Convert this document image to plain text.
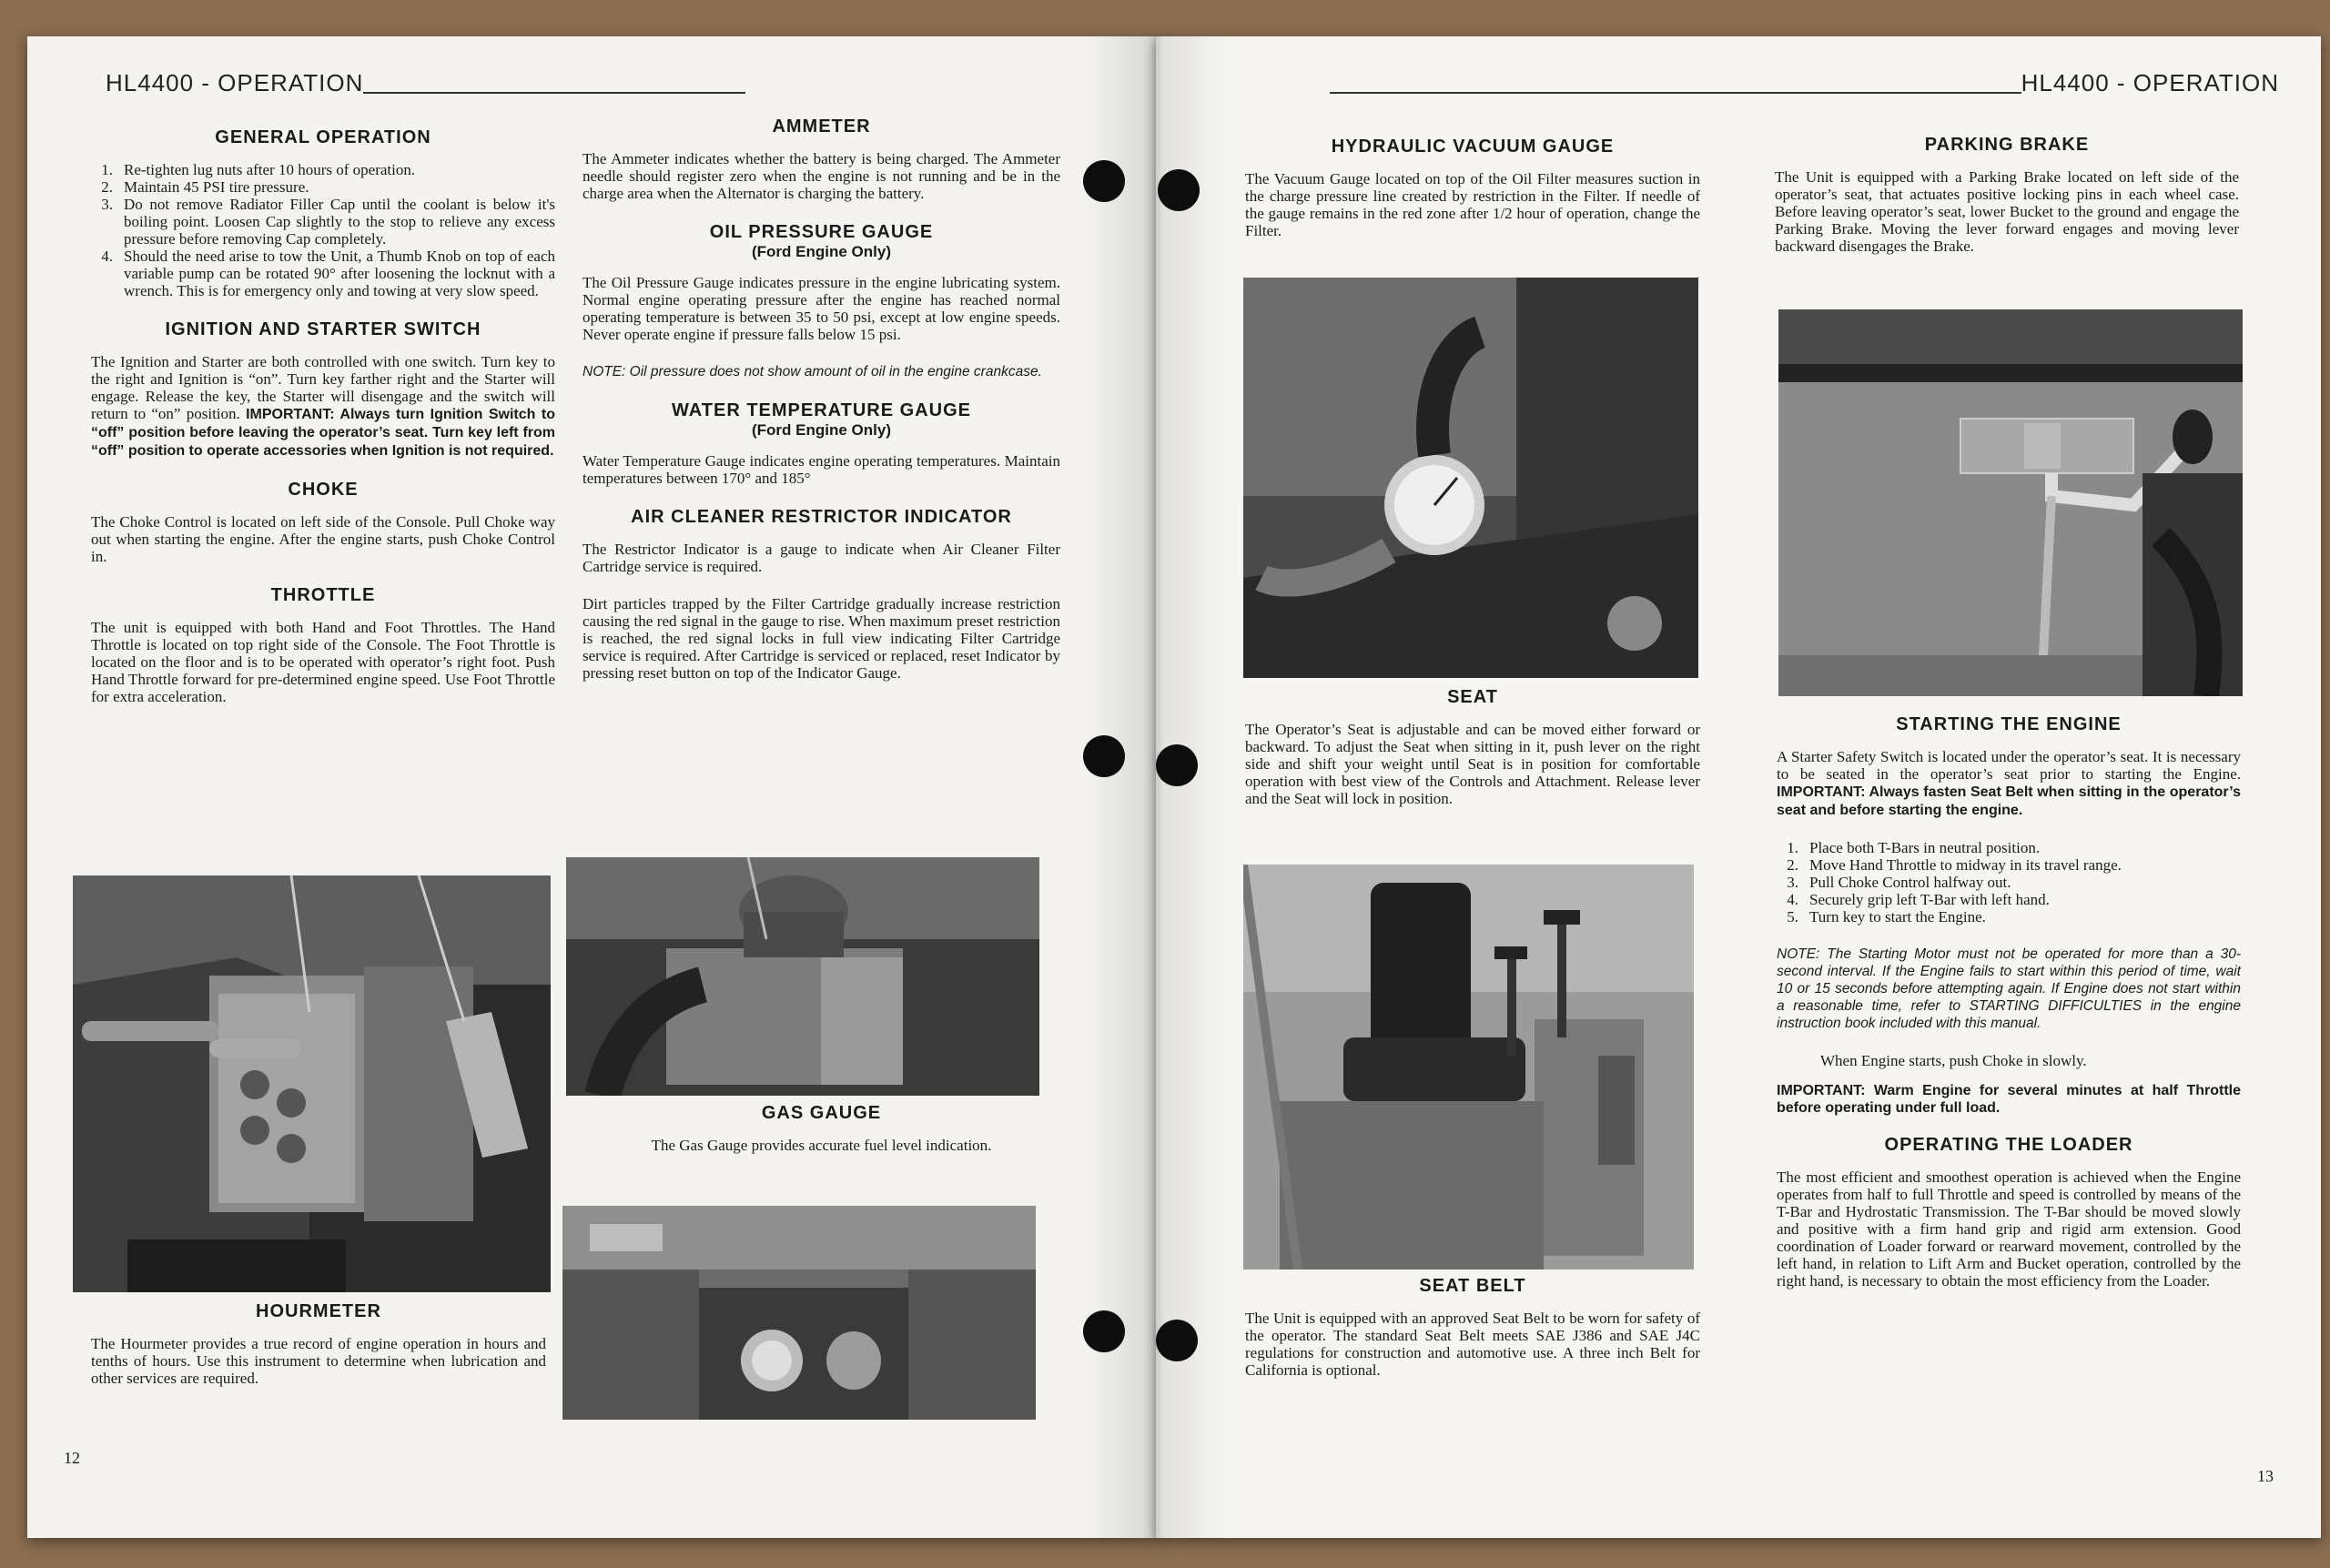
HL4400 - OPERATION
GENERAL OPERATION
1. Re-tighten lug nuts after 10 hours of operation.
2. Maintain 45 PSI tire pressure.
3. Do not remove Radiator Filler Cap until the coolant is below it's boiling point. Loosen Cap slightly to the stop to relieve any excess pressure before removing Cap completely.
4. Should the need arise to tow the Unit, a Thumb Knob on top of each variable pump can be rotated 90° after loosening the locknut with a wrench. This is for emergency only and towing at very slow speed.
IGNITION AND STARTER SWITCH

The Ignition and Starter are both controlled with one switch. Turn key to the right and Ignition is “on”. Turn key farther right and the Starter will engage. Release the key, the Starter will disengage and the switch will return to “on” position. IMPORTANT: Always turn Ignition Switch to “off” position before leaving the operator’s seat. Turn key left from “off” position to operate accessories when Ignition is not required.

CHOKE

The Choke Control is located on left side of the Console. Pull Choke way out when starting the engine. After the engine starts, push Choke Control in.

THROTTLE

The unit is equipped with both Hand and Foot Throttles. The Hand Throttle is located on top right side of the Console. The Foot Throttle is located on the floor and is to be operated with operator’s right foot. Push Hand Throttle forward for pre-determined engine speed. Use Foot Throttle for extra acceleration.

HOURMETER

The Hourmeter provides a true record of engine operation in hours and tenths of hours. Use this instrument to determine when lubrication and other services are required.

AMMETER

The Ammeter indicates whether the battery is being charged. The Ammeter needle should register zero when the engine is not running and be in the charge area when the Alternator is charging the battery.

OIL PRESSURE GAUGE
(Ford Engine Only)

The Oil Pressure Gauge indicates pressure in the engine lubricating system. Normal engine operating pressure after the engine has reached normal operating temperature is between 35 to 50 psi, except at low engine speeds. Never operate engine if pressure falls below 15 psi.

NOTE: Oil pressure does not show amount of oil in the engine crankcase.
WATER TEMPERATURE GAUGE
(Ford Engine Only)

Water Temperature Gauge indicates engine operating temperatures. Maintain temperatures between 170° and 185°

AIR CLEANER RESTRICTOR INDICATOR

The Restrictor Indicator is a gauge to indicate when Air Cleaner Filter Cartridge service is required.

Dirt particles trapped by the Filter Cartridge gradually increase restriction causing the red signal in the gauge to rise. When maximum preset restriction is reached, the red signal locks in full view indicating Filter Cartridge service is required. After Cartridge is serviced or replaced, reset Indicator by pressing reset button on top of the Indicator Gauge.

GAS GAUGE

The Gas Gauge provides accurate fuel level indication.

12
HL4400 - OPERATION
HYDRAULIC VACUUM GAUGE

The Vacuum Gauge located on top of the Oil Filter measures suction in the charge pressure line created by restriction in the Filter. If needle of the gauge remains in the red zone after 1/2 hour of operation, change the Filter.

SEAT

The Operator’s Seat is adjustable and can be moved either forward or backward. To adjust the Seat when sitting in it, push lever on the right side and shift your weight until Seat is in position for comfortable operation with best view of the Controls and Attachment. Release lever and the Seat will lock in position.

SEAT BELT

The Unit is equipped with an approved Seat Belt to be worn for safety of the operator. The standard Seat Belt meets SAE J386 and SAE J4C regulations for construction and automotive use. A three inch Belt for California is optional.

PARKING BRAKE

The Unit is equipped with a Parking Brake located on left side of the operator’s seat, that actuates positive locking pins in each wheel case. Before leaving operator’s seat, lower Bucket to the ground and engage the Parking Brake. Moving the lever forward engages and moving lever backward disengages the Brake.

STARTING THE ENGINE

A Starter Safety Switch is located under the operator’s seat. It is necessary to be seated in the operator’s seat prior to starting the Engine. IMPORTANT: Always fasten Seat Belt when sitting in the operator’s seat and before starting the engine.

1. Place both T-Bars in neutral position.
2. Move Hand Throttle to midway in its travel range.
3. Pull Choke Control halfway out.
4. Securely grip left T-Bar with left hand.
5. Turn key to start the Engine.
NOTE: The Starting Motor must not be operated for more than a 30-second interval. If the Engine fails to start within this period of time, wait 10 or 15 seconds before attempting again. If Engine does not start within a reasonable time, refer to STARTING DIFFICULTIES in the engine instruction book included with this manual.

When Engine starts, push Choke in slowly.

IMPORTANT: Warm Engine for several minutes at half Throttle before operating under full load.

OPERATING THE LOADER

The most efficient and smoothest operation is achieved when the Engine operates from half to full Throttle and speed is controlled by means of the T-Bar and Hydrostatic Transmission. The T-Bar should be moved slowly and positive with a firm hand grip and rigid arm extension. Good coordination of Loader forward or rearward movement, controlled by the left hand, in relation to Lift Arm and Bucket operation, controlled by the right hand, is necessary to obtain the most efficiency from the Loader.

13
